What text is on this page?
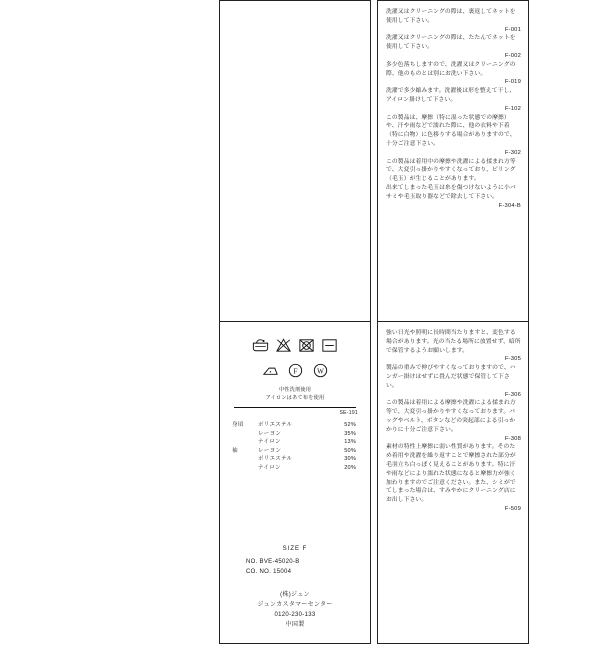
F	W
中性洗剤使用
アイロンはあて布を使用
SE-191
身頃	ポリエステル	52%
レーヨン	35%
ナイロン	13%
袖	レーヨン	50%
ポリエステル	30%
ナイロン	20%
SIZE F
NO. BVE-45020-B
CO. NO. 15004
(株)ジュン
ジュンカスタマーセンター
0120-230-133
中国製
洗濯又はクリーニングの際は、裏返してネットを使用して下さい。
F-001
洗濯又はクリーニングの際は、たたんでネットを使用して下さい。
F-002
多少色落ちしますので、洗濯又はクリーニングの際、他のものとは別にお洗い下さい。
F-019
洗濯で多少縮みます。洗濯後は形を整えて干し、アイロン掛けして下さい。
F-102
この製品は、摩擦（特に湿った状態での摩擦）や、汗や雨などで濡れた際に、他の衣料や下着（特に白物）に色移りする場合がありますので、十分ご注意下さい。
F-302
この製品は着用中の摩擦や洗濯による揉まれ方等で、大変引っ掛かりやすくなっており、ピリング（毛玉）が生じることがあります。
出来てしまった毛玉は糸を傷つけないように小バサミや毛玉取り器などで除去して下さい。
F-304-B
強い日光や照明に長時間当たりますと、変色する場合があります。光の当たる場所に放置せず、暗所で保管するようお願いします。
F-305
製品の重みで伸びやすくなっておりますので、ハンガー掛けはせずに畳んだ状態で保管して下さい。
F-306
この製品は着用による摩擦や洗濯による揉まれ方等で、大変引っ掛かりやすくなっております。バッグやベルト、ボタンなどの突起部による引っかかりに十分ご注意下さい。
F-308
素材の特性上摩擦に弱い性質があります。そのため着用や洗濯を繰り返すことで摩擦された部分が毛羽立ち白っぽく見えることがあります。特に汗や雨などにより濡れた状態になると摩擦力が強く加わりますのでご注意ください。また、シミがでてしまった場合は、すみやかにクリーニング店にお出し下さい。
F-509
